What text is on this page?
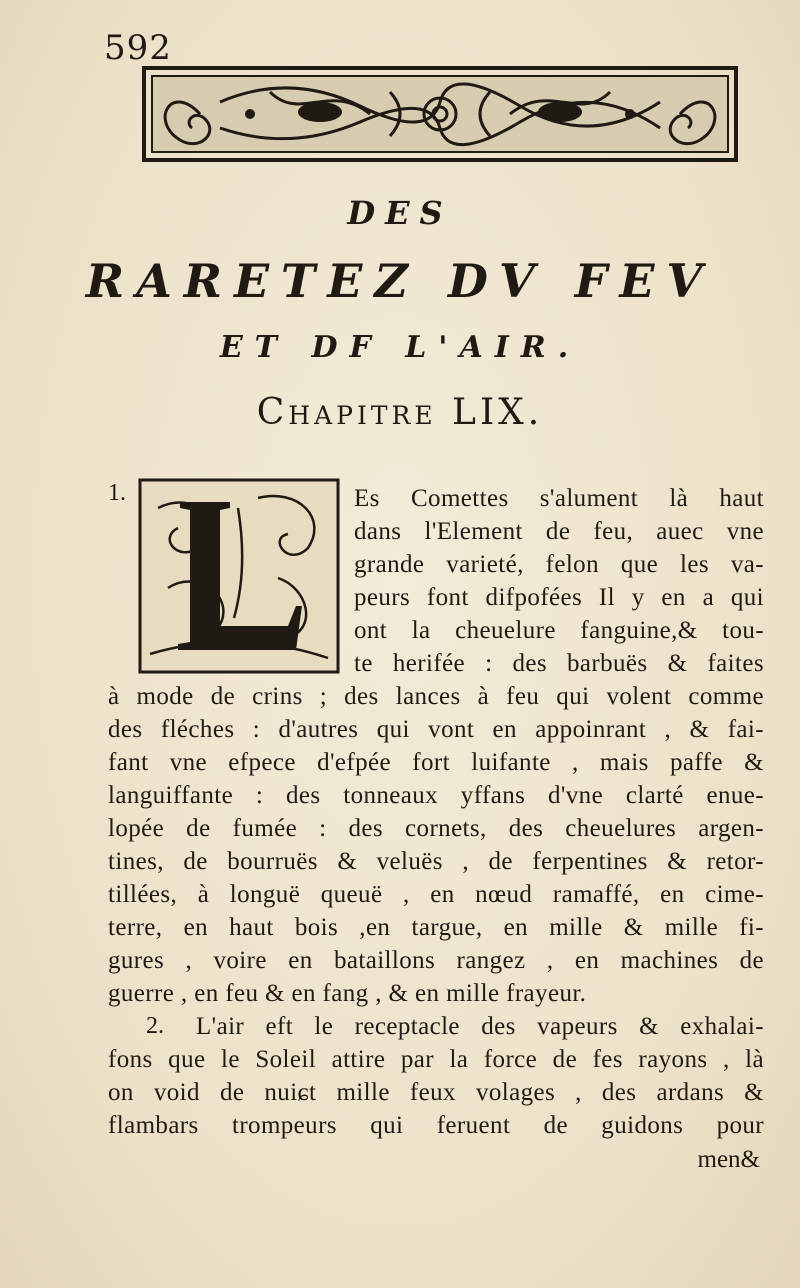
592
DES
RARETEZ DV FEV
ET DF L'AIR.
Chapitre LIX.
1.	Es Comettes s'alument là haut

dans l'Element de feu, auec vne

grande varieté, felon que les va-

peurs font difpofées Il y en a qui

ont la cheuelure fanguine,& tou-

te herifée : des barbuës & faites

à mode de crins ; des lances à feu qui volent comme

des fléches : d'autres qui vont en appoinrant , & fai-

fant vne efpece d'efpée fort luifante , mais paffe &

languiffante : des tonneaux yffans d'vne clarté enue-

lopée de fumée : des cornets, des cheuelures argen-

tines, de bourruës & veluës , de ferpentines & retor-

tillées, à longuë queuë , en nœud ramaffé, en cime-

terre, en haut bois ,en targue, en mille & mille fi-

gures , voire en bataillons rangez , en machines de

guerre , en feu & en fang , & en mille frayeur.

2. L'air eft le receptacle des vapeurs & exhalai-

fons que le Soleil attire par la force de fes rayons , là

on void de nuiɕt mille feux volages , des ardans &

flambars trompeurs qui feruent de guidons pour

men&
